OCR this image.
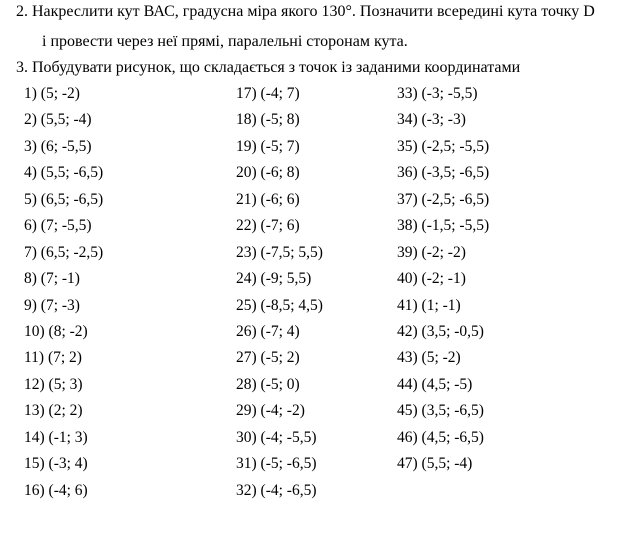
2. Накреслити кут ВАС, градусна міра якого 130°. Позначити всередині кута точку D
і провести через неї прямі, паралельні сторонам кута.
3. Побудувати рисунок, що складається з точок із заданими координатами
1) (5; -2)
2) (5,5; -4)
3) (6; -5,5)
4) (5,5; -6,5)
5) (6,5; -6,5)
6) (7; -5,5)
7) (6,5; -2,5)
8) (7; -1)
9) (7; -3)
10) (8; -2)
11) (7; 2)
12) (5; 3)
13) (2; 2)
14) (-1; 3)
15) (-3; 4)
16) (-4; 6)
17) (-4; 7)
18) (-5; 8)
19) (-5; 7)
20) (-6; 8)
21) (-6; 6)
22) (-7; 6)
23) (-7,5; 5,5)
24) (-9; 5,5)
25) (-8,5; 4,5)
26) (-7; 4)
27) (-5; 2)
28) (-5; 0)
29) (-4; -2)
30) (-4; -5,5)
31) (-5; -6,5)
32) (-4; -6,5)
33) (-3; -5,5)
34) (-3; -3)
35) (-2,5; -5,5)
36) (-3,5; -6,5)
37) (-2,5; -6,5)
38) (-1,5; -5,5)
39) (-2; -2)
40) (-2; -1)
41) (1; -1)
42) (3,5; -0,5)
43) (5; -2)
44) (4,5; -5)
45) (3,5; -6,5)
46) (4,5; -6,5)
47) (5,5; -4)
